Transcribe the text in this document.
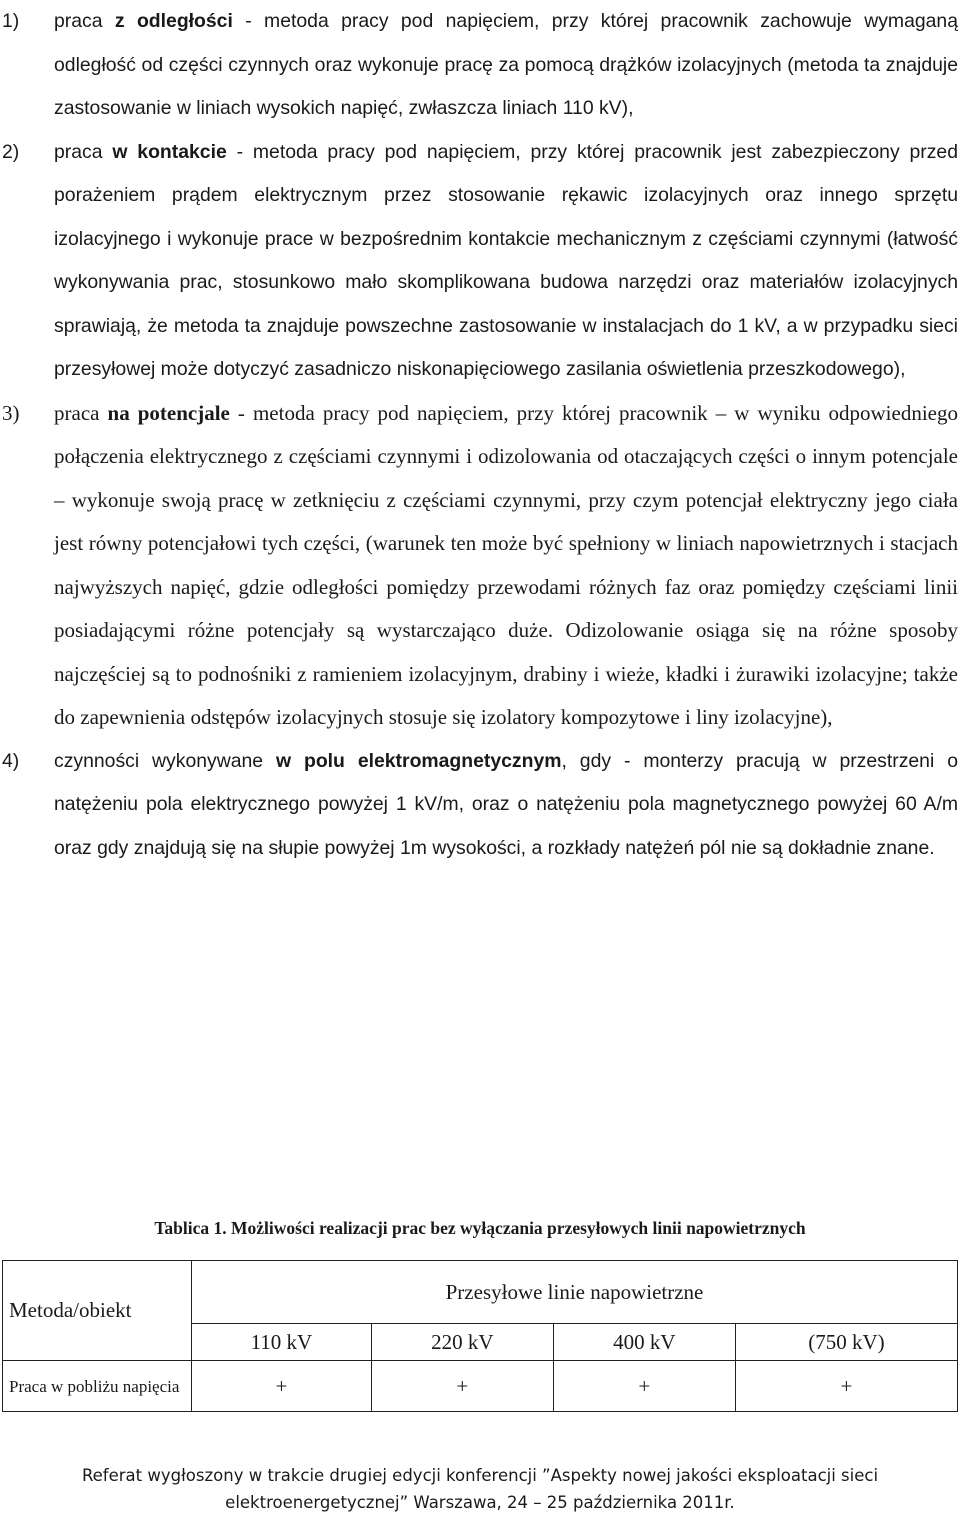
1) praca z odległości - metoda pracy pod napięciem, przy której pracownik zachowuje wymaganą odległość od części czynnych oraz wykonuje pracę za pomocą drążków izolacyjnych (metoda ta znajduje zastosowanie w liniach wysokich napięć, zwłaszcza liniach 110 kV),
2) praca w kontakcie - metoda pracy pod napięciem, przy której pracownik jest zabezpieczony przed porażeniem prądem elektrycznym przez stosowanie rękawic izolacyjnych oraz innego sprzętu izolacyjnego i wykonuje prace w bezpośrednim kontakcie mechanicznym z częściami czynnymi (łatwość wykonywania prac, stosunkowo mało skomplikowana budowa narzędzi oraz materiałów izolacyjnych sprawiają, że metoda ta znajduje powszechne zastosowanie w instalacjach do 1 kV, a w przypadku sieci przesyłowej może dotyczyć zasadniczo niskonapięciowego zasilania oświetlenia przeszkodowego),
3) praca na potencjale - metoda pracy pod napięciem, przy której pracownik – w wyniku odpowiedniego połączenia elektrycznego z częściami czynnymi i odizolowania od otaczających części o innym potencjale – wykonuje swoją pracę w zetknięciu z częściami czynnymi, przy czym potencjał elektryczny jego ciała jest równy potencjałowi tych części, (warunek ten może być spełniony w liniach napowietrznych i stacjach najwyższych napięć, gdzie odległości pomiędzy przewodami różnych faz oraz pomiędzy częściami linii posiadającymi różne potencjały są wystarczająco duże. Odizolowanie osiąga się na różne sposoby najczęściej są to podnośniki z ramieniem izolacyjnym, drabiny i wieże, kładki i żurawiki izolacyjne; także do zapewnienia odstępów izolacyjnych stosuje się izolatory kompozytowe i liny izolacyjne),
4) czynności wykonywane w polu elektromagnetycznym, gdy - monterzy pracują w przestrzeni o natężeniu pola elektrycznego powyżej 1 kV/m, oraz o natężeniu pola magnetycznego powyżej 60 A/m oraz gdy znajdują się na słupie powyżej 1m wysokości, a rozkłady natężeń pól nie są dokładnie znane.
Tablica 1. Możliwości realizacji prac bez wyłączania przesyłowych linii napowietrznych
Metoda/obiekt	Przesyłowe linie napowietrzne			
	110 kV	220 kV	400 kV	(750 kV)
Praca w pobliżu napięcia	+	+	+	+
Referat wygłoszony w trakcie drugiej edycji konferencji ”Aspekty nowej jakości eksploatacji sieci
elektroenergetycznej” Warszawa, 24 – 25 października 2011r.
